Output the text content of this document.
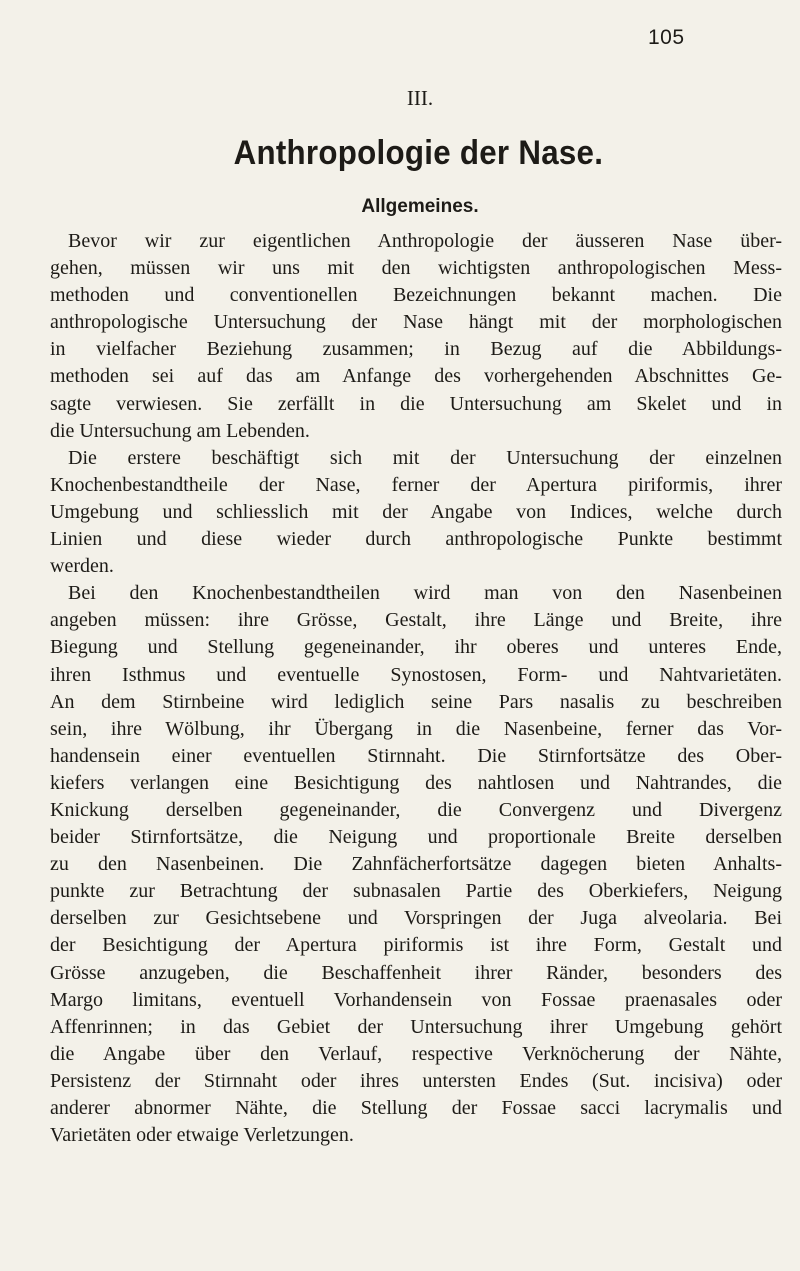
105
III.
Anthropologie der Nase.
Allgemeines.
Bevor wir zur eigentlichen Anthropologie der äusseren Nase über-
gehen, müssen wir uns mit den wichtigsten anthropologischen Mess-
methoden und conventionellen Bezeichnungen bekannt machen. Die
anthropologische Untersuchung der Nase hängt mit der morphologischen
in vielfacher Beziehung zusammen; in Bezug auf die Abbildungs-
methoden sei auf das am Anfange des vorhergehenden Abschnittes Ge-
sagte verwiesen. Sie zerfällt in die Untersuchung am Skelet und in
die Untersuchung am Lebenden.
Die erstere beschäftigt sich mit der Untersuchung der einzelnen
Knochenbestandtheile der Nase, ferner der Apertura piriformis, ihrer
Umgebung und schliesslich mit der Angabe von Indices, welche durch
Linien und diese wieder durch anthropologische Punkte bestimmt
werden.
Bei den Knochenbestandtheilen wird man von den Nasenbeinen
angeben müssen: ihre Grösse, Gestalt, ihre Länge und Breite, ihre
Biegung und Stellung gegeneinander, ihr oberes und unteres Ende,
ihren Isthmus und eventuelle Synostosen, Form- und Nahtvarietäten.
An dem Stirnbeine wird lediglich seine Pars nasalis zu beschreiben
sein, ihre Wölbung, ihr Übergang in die Nasenbeine, ferner das Vor-
handensein einer eventuellen Stirnnaht. Die Stirnfortsätze des Ober-
kiefers verlangen eine Besichtigung des nahtlosen und Nahtrandes, die
Knickung derselben gegeneinander, die Convergenz und Divergenz
beider Stirnfortsätze, die Neigung und proportionale Breite derselben
zu den Nasenbeinen. Die Zahnfächerfortsätze dagegen bieten Anhalts-
punkte zur Betrachtung der subnasalen Partie des Oberkiefers, Neigung
derselben zur Gesichtsebene und Vorspringen der Juga alveolaria. Bei
der Besichtigung der Apertura piriformis ist ihre Form, Gestalt und
Grösse anzugeben, die Beschaffenheit ihrer Ränder, besonders des
Margo limitans, eventuell Vorhandensein von Fossae praenasales oder
Affenrinnen; in das Gebiet der Untersuchung ihrer Umgebung gehört
die Angabe über den Verlauf, respective Verknöcherung der Nähte,
Persistenz der Stirnnaht oder ihres untersten Endes (Sut. incisiva) oder
anderer abnormer Nähte, die Stellung der Fossae sacci lacrymalis und
Varietäten oder etwaige Verletzungen.
